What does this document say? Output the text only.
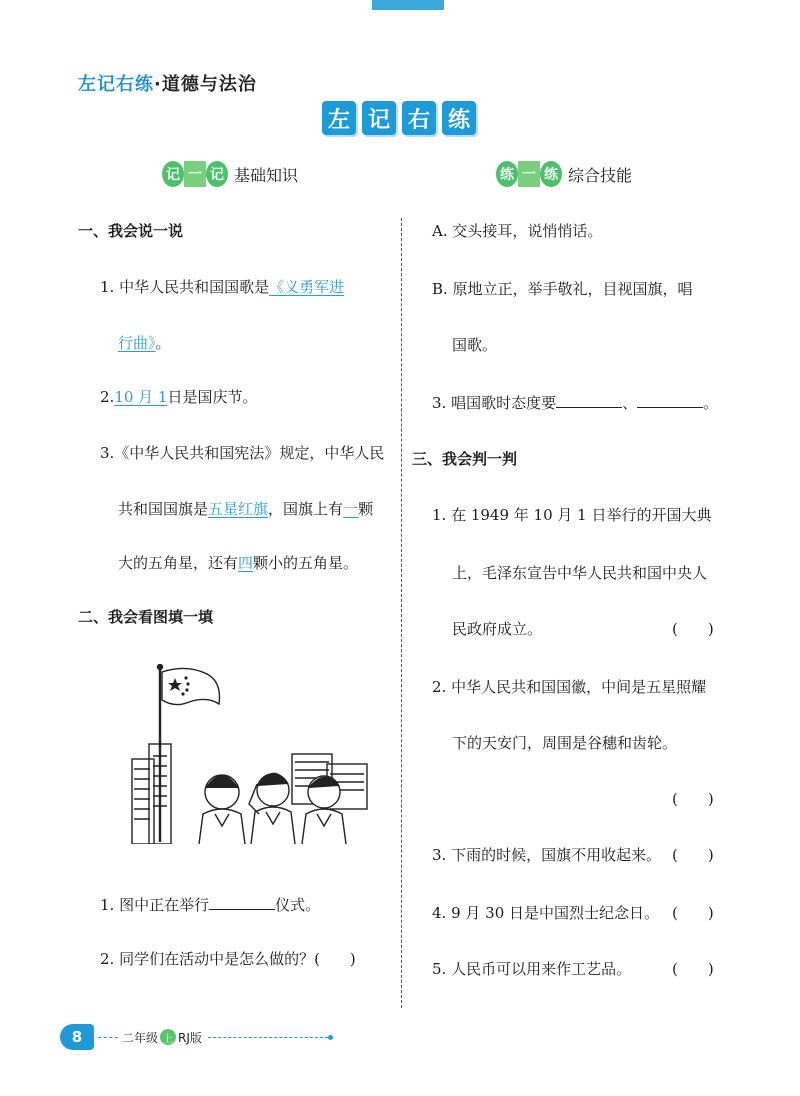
左记右练·道德与法治
左 记 右 练
记 一 记 基础知识	练 一 练 综合技能
一、我会说一说
1. 中华人民共和国国歌是《义勇军进
行曲》。
2.10 月 1日是国庆节。
3.《中华人民共和国宪法》规定，中华人民
共和国国旗是五星红旗，国旗上有一颗
大的五角星，还有四颗小的五角星。
二、我会看图填一填
1. 图中正在举行	仪式。
2. 同学们在活动中是怎么做的？(　　)
A. 交头接耳，说悄悄话。
B. 原地立正，举手敬礼，目视国旗，唱
国歌。
3. 唱国歌时态度要	、	。
三、我会判一判
1. 在 1949 年 10 月 1 日举行的开国大典
上，毛泽东宣告中华人民共和国中央人
民政府成立。	(　　)
2. 中华人民共和国国徽，中间是五星照耀
下的天安门，周围是谷穗和齿轮。
(　　)
3. 下雨的时候，国旗不用收起来。 (　　)
4. 9 月 30 日是中国烈士纪念日。 (　　)
5. 人民币可以用来作工艺品。	(　　)
8	二年级 上 RJ版
